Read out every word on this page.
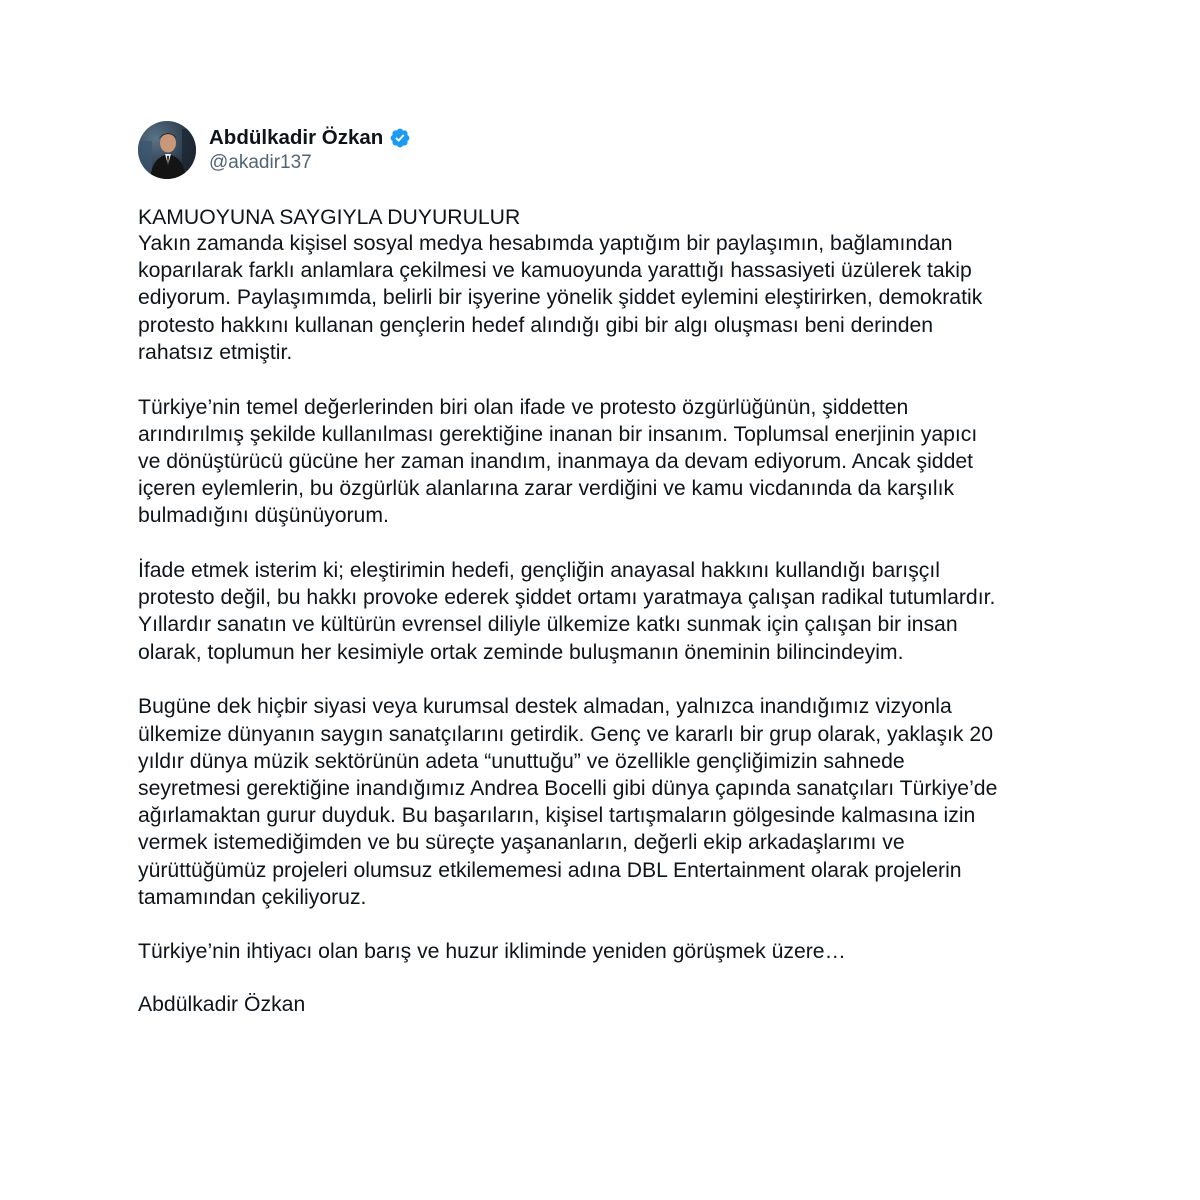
Abdülkadir Özkan
@akadir137

KAMUOYUNA SAYGIYLA DUYURULUR

Yakın zamanda kişisel sosyal medya hesabımda yaptığım bir paylaşımın, bağlamından
koparılarak farklı anlamlara çekilmesi ve kamuoyunda yarattığı hassasiyeti üzülerek takip
ediyorum. Paylaşımımda, belirli bir işyerine yönelik şiddet eylemini eleştirirken, demokratik
protesto hakkını kullanan gençlerin hedef alındığı gibi bir algı oluşması beni derinden
rahatsız etmiştir.

Türkiye’nin temel değerlerinden biri olan ifade ve protesto özgürlüğünün, şiddetten
arındırılmış şekilde kullanılması gerektiğine inanan bir insanım. Toplumsal enerjinin yapıcı
ve dönüştürücü gücüne her zaman inandım, inanmaya da devam ediyorum. Ancak şiddet
içeren eylemlerin, bu özgürlük alanlarına zarar verdiğini ve kamu vicdanında da karşılık
bulmadığını düşünüyorum.

İfade etmek isterim ki; eleştirimin hedefi, gençliğin anayasal hakkını kullandığı barışçıl
protesto değil, bu hakkı provoke ederek şiddet ortamı yaratmaya çalışan radikal tutumlardır.
Yıllardır sanatın ve kültürün evrensel diliyle ülkemize katkı sunmak için çalışan bir insan
olarak, toplumun her kesimiyle ortak zeminde buluşmanın öneminin bilincindeyim.

Bugüne dek hiçbir siyasi veya kurumsal destek almadan, yalnızca inandığımız vizyonla
ülkemize dünyanın saygın sanatçılarını getirdik. Genç ve kararlı bir grup olarak, yaklaşık 20
yıldır dünya müzik sektörünün adeta “unuttuğu” ve özellikle gençliğimizin sahnede
seyretmesi gerektiğine inandığımız Andrea Bocelli gibi dünya çapında sanatçıları Türkiye’de
ağırlamaktan gurur duyduk. Bu başarıların, kişisel tartışmaların gölgesinde kalmasına izin
vermek istemediğimden ve bu süreçte yaşananların, değerli ekip arkadaşlarımı ve
yürüttüğümüz projeleri olumsuz etkilememesi adına DBL Entertainment olarak projelerin
tamamından çekiliyoruz.

Türkiye’nin ihtiyacı olan barış ve huzur ikliminde yeniden görüşmek üzere…

Abdülkadir Özkan
